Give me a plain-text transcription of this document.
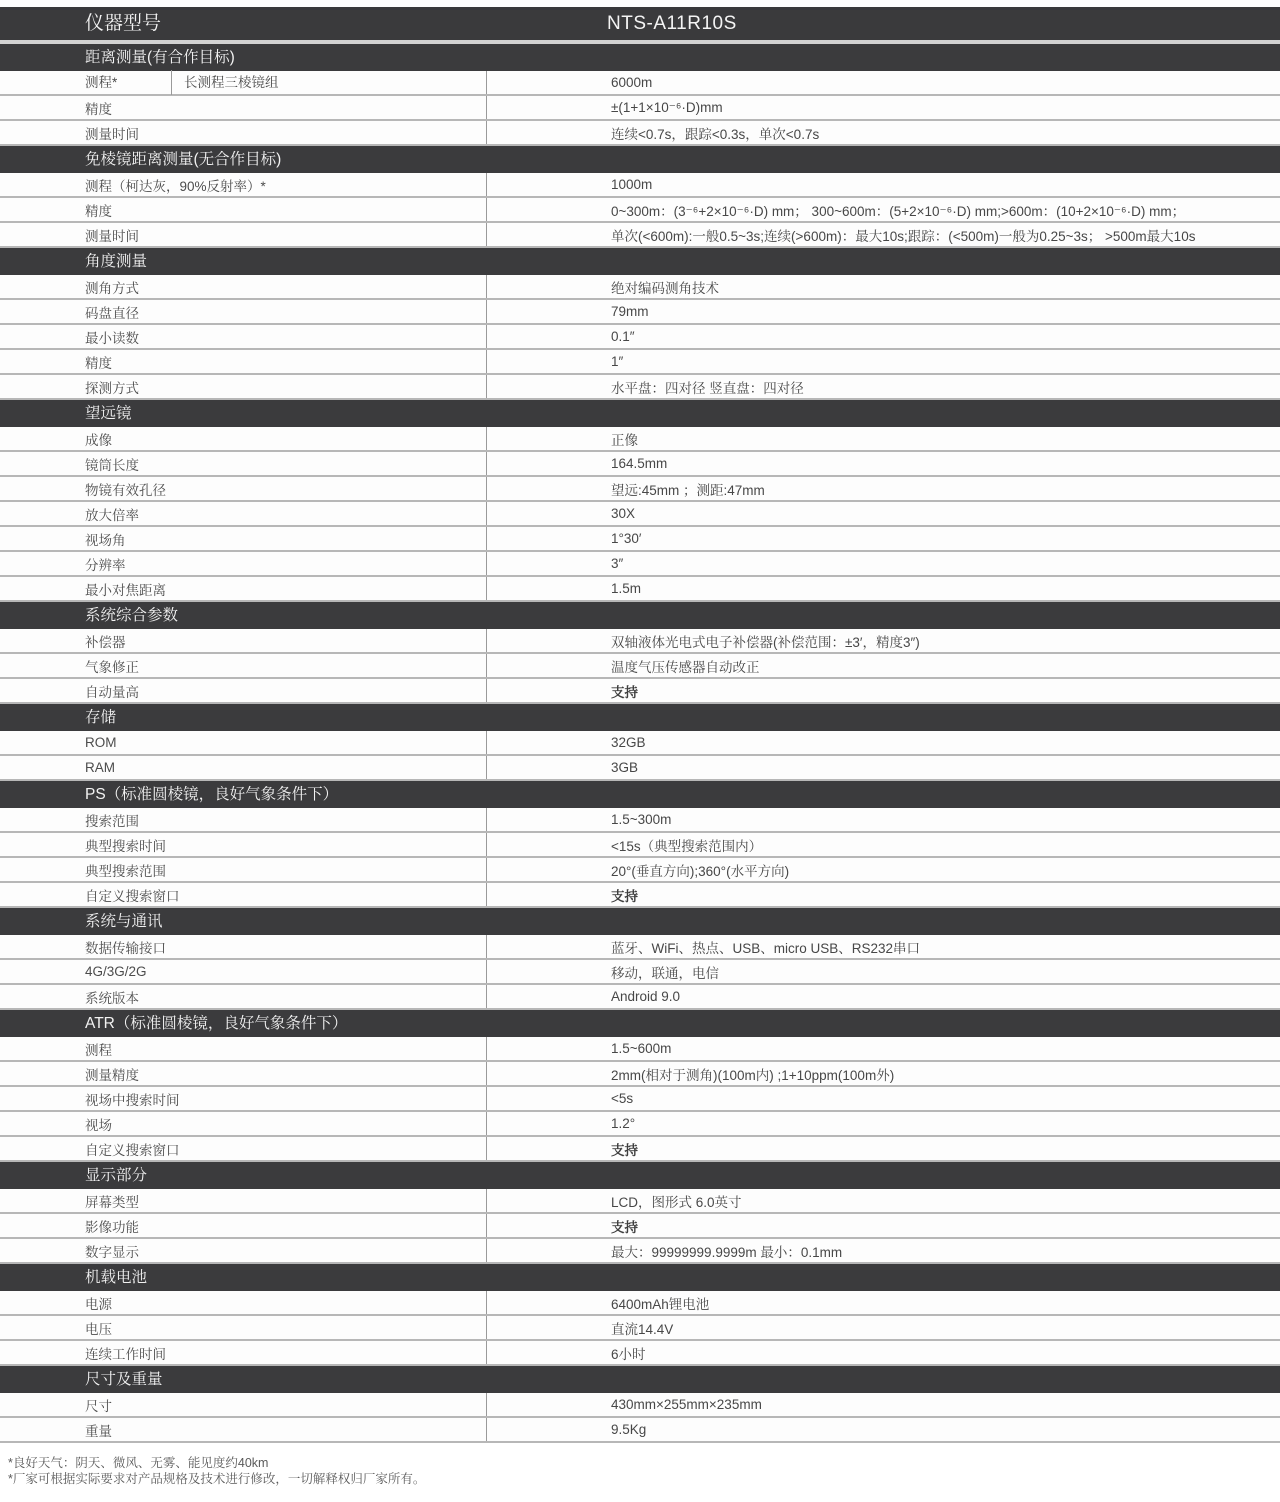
仪器型号	NTS-A11R10S
距离测量(有合作目标)
测程*	长测程三棱镜组	6000m
精度	±(1+1×10⁻⁶·D)mm
测量时间	连续<0.7s，跟踪<0.3s，单次<0.7s
免棱镜距离测量(无合作目标)
测程（柯达灰，90%反射率）*	1000m
精度	0~300m：(3⁻⁶+2×10⁻⁶·D) mm； 300~600m：(5+2×10⁻⁶·D) mm;>600m：(10+2×10⁻⁶·D) mm；
测量时间	单次(<600m):一般0.5~3s;连续(>600m)：最大10s;跟踪：(<500m)一般为0.25~3s； >500m最大10s
角度测量
测角方式	绝对编码测角技术
码盘直径	79mm
最小读数	0.1″
精度	1″
探测方式	水平盘：四对径 竖直盘：四对径
望远镜
成像	正像
镜筒长度	164.5mm
物镜有效孔径	望远:45mm ；测距:47mm
放大倍率	30X
视场角	1°30′
分辨率	3″
最小对焦距离	1.5m
系统综合参数
补偿器	双轴液体光电式电子补偿器(补偿范围：±3′，精度3″)
气象修正	温度气压传感器自动改正
自动量高	支持
存储
ROM	32GB
RAM	3GB
PS（标准圆棱镜，良好气象条件下）
搜索范围	1.5~300m
典型搜索时间	<15s（典型搜索范围内）
典型搜索范围	20°(垂直方向);360°(水平方向)
自定义搜索窗口	支持
系统与通讯
数据传输接口	蓝牙、WiFi、热点、USB、micro USB、RS232串口
4G/3G/2G	移动，联通，电信
系统版本	Android 9.0
ATR（标准圆棱镜，良好气象条件下）
测程	1.5~600m
测量精度	2mm(相对于测角)(100m内) ;1+10ppm(100m外)
视场中搜索时间	<5s
视场	1.2°
自定义搜索窗口	支持
显示部分
屏幕类型	LCD，图形式 6.0英寸
影像功能	支持
数字显示	最大：99999999.9999m 最小：0.1mm
机载电池
电源	6400mAh锂电池
电压	直流14.4V
连续工作时间	6小时
尺寸及重量
尺寸	430mm×255mm×235mm
重量	9.5Kg
*良好天气：阴天、微风、无雾、能见度约40km
*厂家可根据实际要求对产品规格及技术进行修改，一切解释权归厂家所有。
